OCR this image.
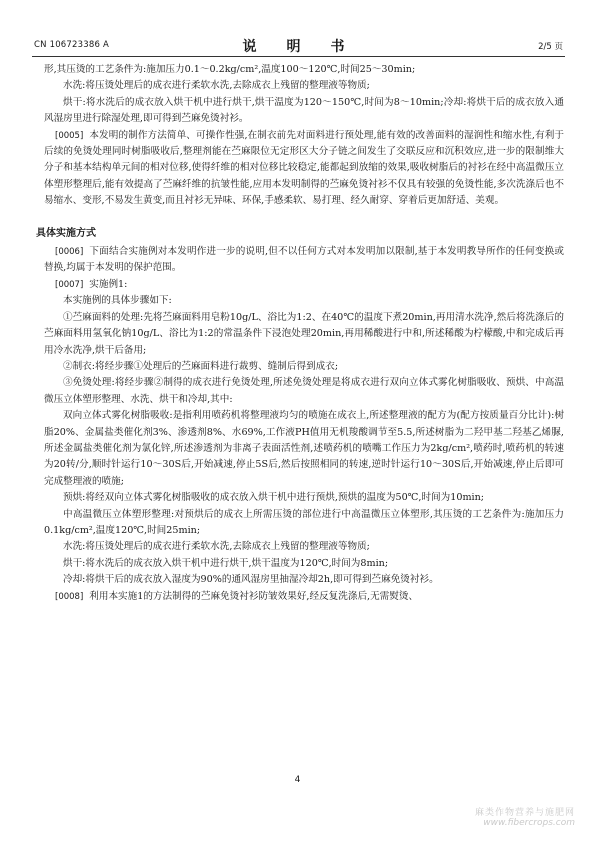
CN 106723386 A	说　明　书	2/5 页

形,其压烫的工艺条件为:施加压力0.1～0.2kg/cm²,温度100～120℃,时间25～30min;

水洗:将压烫处理后的成衣进行柔软水洗,去除成衣上残留的整理液等物质;

烘干:将水洗后的成衣放入烘干机中进行烘干,烘干温度为120～150℃,时间为8～10min;冷却:将烘干后的成衣放入通风湿房里进行除湿处理,即可得到苎麻免烫衬衫。

[0005] 本发明的制作方法简单、可操作性强,在制衣前先对面料进行预处理,能有效的改善面料的湿润性和缩水性,有利于后续的免烫处理同时树脂吸收后,整理剂能在苎麻限位无定形区大分子链之间发生了交联反应和沉积效应,进一步的限制维大分子和基本结构单元间的相对位移,使得纤维的相对位移比较稳定,能都起到放缩的效果,吸收树脂后的衬衫在经中高温微压立体塑形整理后,能有效提高了苎麻纤维的抗皱性能,应用本发明制得的苎麻免烫衬衫不仅具有较强的免烫性能,多次洗涤后也不易缩水、变形,不易发生黄变,而且衬衫无异味、环保,手感柔软、易打理、经久耐穿、穿着后更加舒适、美观。

具体实施方式

[0006] 下面结合实施例对本发明作进一步的说明,但不以任何方式对本发明加以限制,基于本发明教导所作的任何变换或替换,均属于本发明的保护范围。

[0007] 实施例1:

本实施例的具体步骤如下:

①苎麻面料的处理:先将苎麻面料用皂粉10g/L、浴比为1:2、在40℃的温度下煮20min,再用清水洗净,然后将洗涤后的苎麻面料用氢氧化钠10g/L、浴比为1:2的常温条件下浸泡处理20min,再用稀酸进行中和,所述稀酸为柠檬酸,中和完成后再用冷水洗净,烘干后备用;

②制衣:将经步骤①处理后的苎麻面料进行裁剪、缝制后得到成衣;

③免烫处理:将经步骤②制得的成衣进行免烫处理,所述免烫处理是将成衣进行双向立体式雾化树脂吸收、预烘、中高温微压立体塑形整理、水洗、烘干和冷却,其中:

双向立体式雾化树脂吸收:是指利用喷药机将整理液均匀的喷施在成衣上,所述整理液的配方为(配方按质量百分比计):树脂20%、金属盐类催化剂3%、渗透剂8%、水69%,工作液PH值用无机羧酸调节至5.5,所述树脂为二羟甲基二羟基乙烯脲,所述金属盐类催化剂为氯化锌,所述渗透剂为非离子表面活性剂,述喷药机的喷嘴工作压力为2kg/cm²,喷药时,喷药机的转速为20转/分,顺时针运行10～30S后,开始减速,停止5S后,然后按照相同的转速,逆时针运行10～30S后,开始减速,停止后即可完成整理液的喷施;

预烘:将经双向立体式雾化树脂吸收的成衣放入烘干机中进行预烘,预烘的温度为50℃,时间为10min;

中高温微压立体塑形整理:对预烘后的成衣上所需压烫的部位进行中高温微压立体塑形,其压烫的工艺条件为:施加压力0.1kg/cm²,温度120℃,时间25min;

水洗:将压烫处理后的成衣进行柔软水洗,去除成衣上残留的整理液等物质;

烘干:将水洗后的成衣放入烘干机中进行烘干,烘干温度为120℃,时间为8min;

冷却:将烘干后的成衣放入湿度为90%的通风湿房里抽湿冷却2h,即可得到苎麻免烫衬衫。

[0008] 利用本实施1的方法制得的苎麻免烫衬衫防皱效果好,经反复洗涤后,无需熨烫、

4
麻类作物营养与施肥网
www.fibercrops.com
